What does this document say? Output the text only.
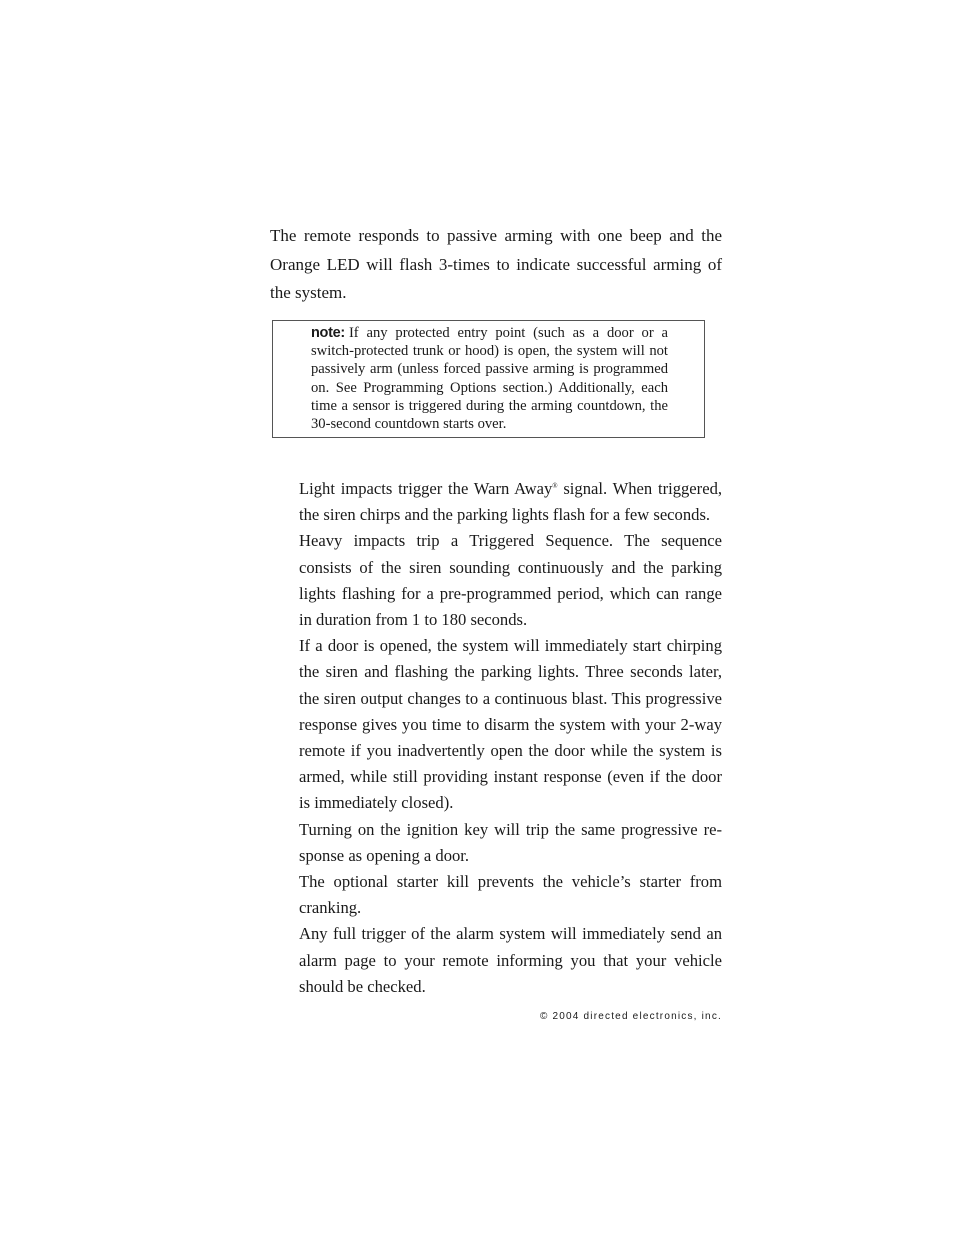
The remote responds to passive arming with one beep and the Orange LED will flash 3-times to indicate successful arming of the system.

note: If any protected entry point (such as a door or a switch-protected trunk or hood) is open, the system will not passively arm (unless forced passive arming is programmed on. See Programming Options section.) Additionally, each time a sensor is triggered during the arming countdown, the 30-second countdown starts over.

Light impacts trigger the Warn Away® signal. When triggered, the siren chirps and the parking lights flash for a few seconds.

Heavy impacts trip a Triggered Sequence. The sequence consists of the siren sounding continuously and the parking lights flashing for a pre-programmed period, which can range in duration from 1 to 180 seconds.

If a door is opened, the system will immediately start chirping the siren and flashing the parking lights. Three seconds later, the siren output changes to a continuous blast. This progressive response gives you time to disarm the system with your 2-way remote if you inadvertently open the door while the system is armed, while still providing instant response (even if the door is immediately closed).

Turning on the ignition key will trip the same progressive response as opening a door.

The optional starter kill prevents the vehicle’s starter from cranking.

Any full trigger of the alarm system will immediately send an alarm page to your remote informing you that your vehicle should be checked.

© 2004 directed electronics, inc.
